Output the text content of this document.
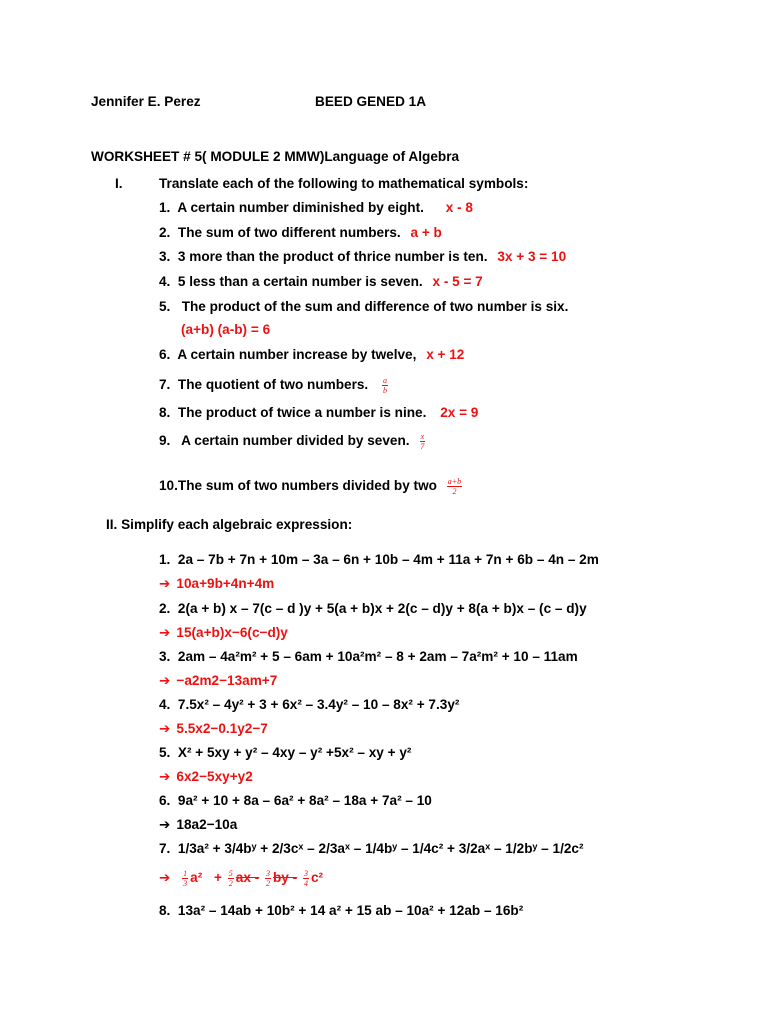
Jennifer E. Perez	BEED GENED 1A
WORKSHEET # 5( MODULE 2 MMW)Language of Algebra
I.	Translate each of the following to mathematical symbols:
1. A certain number diminished by eight. x - 8
2. The sum of two different numbers. a + b
3. 3 more than the product of thrice number is ten. 3x + 3 = 10
4. 5 less than a certain number is seven. x - 5 = 7
5. The product of the sum and difference of two number is six.
(a+b) (a-b) = 6
6. A certain number increase by twelve, x + 12
7. The quotient of two numbers. $\frac{a}{b}$
8. The product of twice a number is nine. 2x = 9
9. A certain number divided by seven. $\frac{x}{7}$
10.The sum of two numbers divided by two $\frac{a+b}{2}$
II. Simplify each algebraic expression:
1. 2a – 7b + 7n + 10m – 3a – 6n + 10b – 4m + 11a + 7n + 6b – 4n – 2m
➔ 10a+9b+4n+4m
2. 2(a + b) x – 7(c – d )y + 5(a + b)x + 2(c – d)y + 8(a + b)x – (c – d)y
➔ 15(a+b)x−6(c−d)y
3. 2am – 4a²m² + 5 – 6am + 10a²m² – 8 + 2am – 7a²m² + 10 – 11am
➔ −a2m2−13am+7
4. 7.5x² – 4y² + 3 + 6x² – 3.4y² – 10 – 8x² + 7.3y²
➔ 5.5x2−0.1y2−7
5. X² + 5xy + y² – 4xy – y² +5x² – xy + y²
➔ 6x2−5xy+y2
6. 9a² + 10 + 8a – 6a² + 8a² – 18a + 7a² – 10
➔ 18a2−10a
7. 1/3a² + 3/4bʸ + 2/3cˣ – 2/3aˣ – 1/4bʸ – 1/4c² + 3/2aˣ – 1/2bʸ – 1/2c²
➔ $\frac{1}{3} a^2 + \frac{5}{2}$ ax - $\frac{3}{2}$ by - $\frac{3}{4} c^2$
8. 13a² – 14ab + 10b² + 14 a² + 15 ab – 10a² + 12ab – 16b²
